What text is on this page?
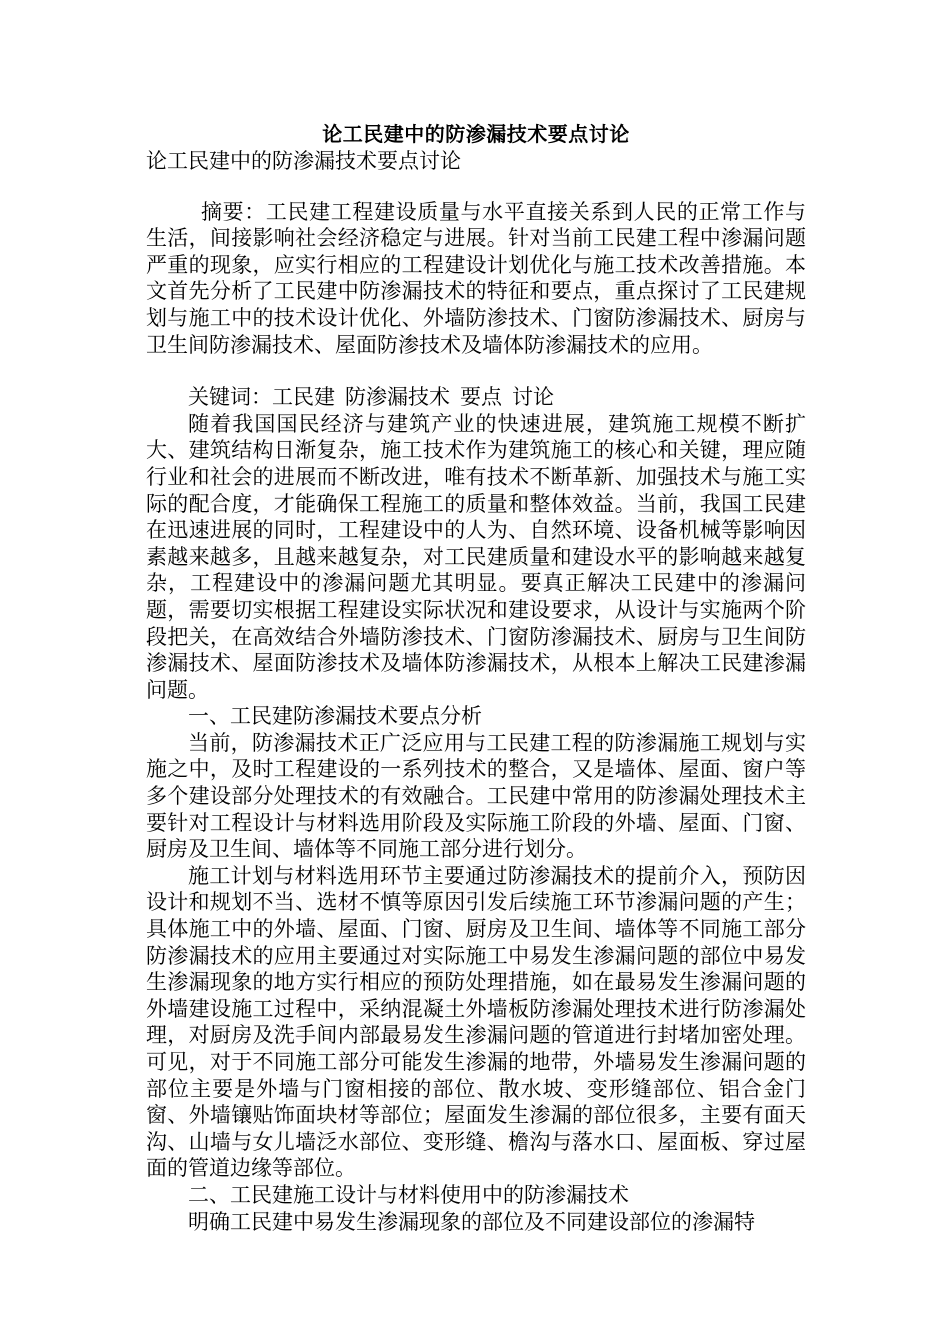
论工民建中的防渗漏技术要点讨论

论工民建中的防渗漏技术要点讨论

摘要：工民建工程建设质量与水平直接关系到人民的正常工作与生活，间接影响社会经济稳定与进展。针对当前工民建工程中渗漏问题严重的现象，应实行相应的工程建设计划优化与施工技术改善措施。本文首先分析了工民建中防渗漏技术的特征和要点，重点探讨了工民建规划与施工中的技术设计优化、外墙防渗技术、门窗防渗漏技术、厨房与卫生间防渗漏技术、屋面防渗技术及墙体防渗漏技术的应用。

关键词：工民建 防渗漏技术 要点 讨论

随着我国国民经济与建筑产业的快速进展，建筑施工规模不断扩大、建筑结构日渐复杂，施工技术作为建筑施工的核心和关键，理应随行业和社会的进展而不断改进，唯有技术不断革新、加强技术与施工实际的配合度，才能确保工程施工的质量和整体效益。当前，我国工民建在迅速进展的同时，工程建设中的人为、自然环境、设备机械等影响因素越来越多，且越来越复杂，对工民建质量和建设水平的影响越来越复杂，工程建设中的渗漏问题尤其明显。要真正解决工民建中的渗漏问题，需要切实根据工程建设实际状况和建设要求，从设计与实施两个阶段把关，在高效结合外墙防渗技术、门窗防渗漏技术、厨房与卫生间防渗漏技术、屋面防渗技术及墙体防渗漏技术，从根本上解决工民建渗漏问题。

一、工民建防渗漏技术要点分析

当前，防渗漏技术正广泛应用与工民建工程的防渗漏施工规划与实施之中，及时工程建设的一系列技术的整合，又是墙体、屋面、窗户等多个建设部分处理技术的有效融合。工民建中常用的防渗漏处理技术主要针对工程设计与材料选用阶段及实际施工阶段的外墙、屋面、门窗、厨房及卫生间、墙体等不同施工部分进行划分。

施工计划与材料选用环节主要通过防渗漏技术的提前介入，预防因设计和规划不当、选材不慎等原因引发后续施工环节渗漏问题的产生；具体施工中的外墙、屋面、门窗、厨房及卫生间、墙体等不同施工部分防渗漏技术的应用主要通过对实际施工中易发生渗漏问题的部位中易发生渗漏现象的地方实行相应的预防处理措施，如在最易发生渗漏问题的外墙建设施工过程中，采纳混凝土外墙板防渗漏处理技术进行防渗漏处理，对厨房及洗手间内部最易发生渗漏问题的管道进行封堵加密处理。可见，对于不同施工部分可能发生渗漏的地带，外墙易发生渗漏问题的部位主要是外墙与门窗相接的部位、散水坡、变形缝部位、铝合金门窗、外墙镶贴饰面块材等部位；屋面发生渗漏的部位很多，主要有面天沟、山墙与女儿墙泛水部位、变形缝、檐沟与落水口、屋面板、穿过屋面的管道边缘等部位。

二、工民建施工设计与材料使用中的防渗漏技术

明确工民建中易发生渗漏现象的部位及不同建设部位的渗漏特
